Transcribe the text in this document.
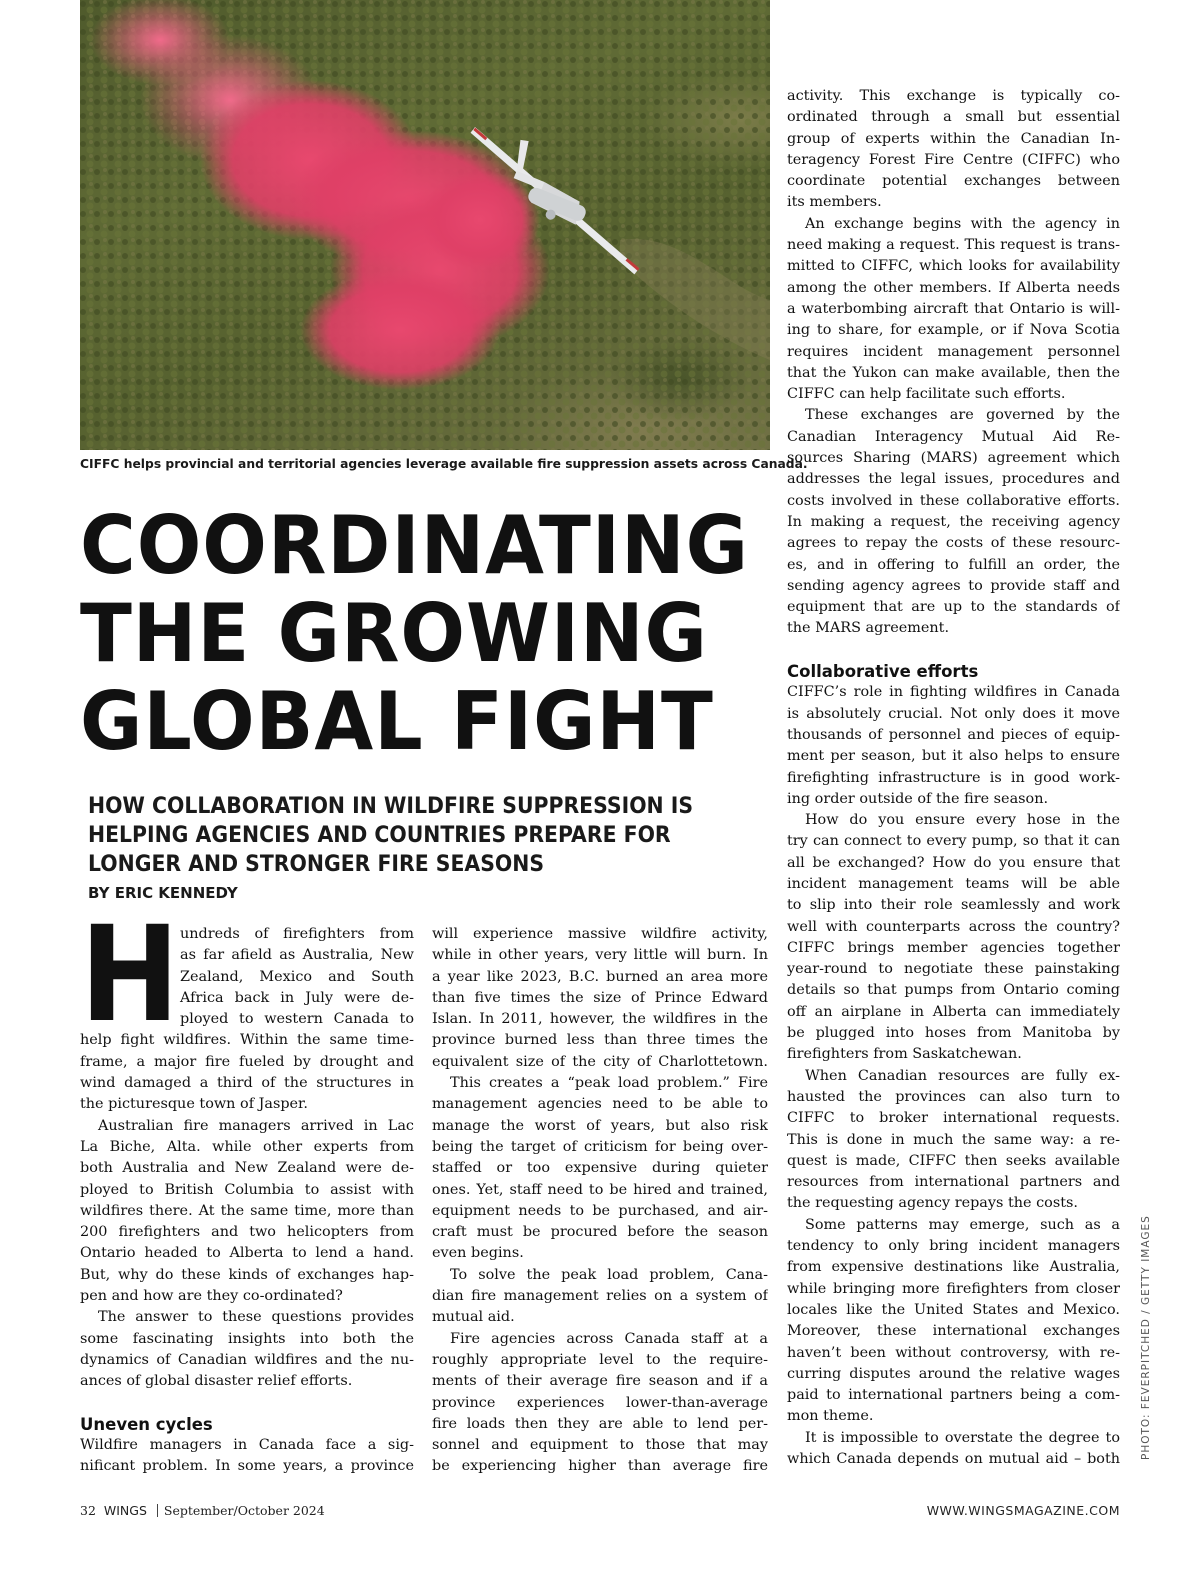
CIFFC helps provincial and territorial agencies leverage available fire suppression assets across Canada.
COORDINATING
THE GROWING
GLOBAL FIGHT
HOW COLLABORATION IN WILDFIRE SUPPRESSION IS
HELPING AGENCIES AND COUNTRIES PREPARE FOR
LONGER AND STRONGER FIRE SEASONS
BY ERIC KENNEDY
H undreds of firefighters from
as far afield as Australia, New
Zealand, Mexico and South
Africa back in July were de-
ployed to western Canada to
help fight wildfires. Within the same time-
frame, a major fire fueled by drought and
wind damaged a third of the structures in
the picturesque town of Jasper.
Australian fire managers arrived in Lac
La Biche, Alta. while other experts from
both Australia and New Zealand were de-
ployed to British Columbia to assist with
wildfires there. At the same time, more than
200 firefighters and two helicopters from
Ontario headed to Alberta to lend a hand.
But, why do these kinds of exchanges hap-
pen and how are they co-ordinated?
The answer to these questions provides
some fascinating insights into both the
dynamics of Canadian wildfires and the nu-
ances of global disaster relief efforts.
Uneven cycles
Wildfire managers in Canada face a sig-
nificant problem. In some years, a province
will experience massive wildfire activity,
while in other years, very little will burn. In
a year like 2023, B.C. burned an area more
than five times the size of Prince Edward
Islan. In 2011, however, the wildfires in the
province burned less than three times the
equivalent size of the city of Charlottetown.
This creates a “peak load problem.” Fire
management agencies need to be able to
manage the worst of years, but also risk
being the target of criticism for being over-
staffed or too expensive during quieter
ones. Yet, staff need to be hired and trained,
equipment needs to be purchased, and air-
craft must be procured before the season
even begins.
To solve the peak load problem, Cana-
dian fire management relies on a system of
mutual aid.
Fire agencies across Canada staff at a
roughly appropriate level to the require-
ments of their average fire season and if a
province experiences lower-than-average
fire loads then they are able to lend per-
sonnel and equipment to those that may
be experiencing higher than average fire
activity. This exchange is typically co-
ordinated through a small but essential
group of experts within the Canadian In-
teragency Forest Fire Centre (CIFFC) who
coordinate potential exchanges between
its members.
An exchange begins with the agency in
need making a request. This request is trans-
mitted to CIFFC, which looks for availability
among the other members. If Alberta needs
a waterbombing aircraft that Ontario is will-
ing to share, for example, or if Nova Scotia
requires incident management personnel
that the Yukon can make available, then the
CIFFC can help facilitate such efforts.
These exchanges are governed by the
Canadian Interagency Mutual Aid Re-
sources Sharing (MARS) agreement which
addresses the legal issues, procedures and
costs involved in these collaborative efforts.
In making a request, the receiving agency
agrees to repay the costs of these resourc-
es, and in offering to fulfill an order, the
sending agency agrees to provide staff and
equipment that are up to the standards of
the MARS agreement.
Collaborative efforts
CIFFC’s role in fighting wildfires in Canada
is absolutely crucial. Not only does it move
thousands of personnel and pieces of equip-
ment per season, but it also helps to ensure
firefighting infrastructure is in good work-
ing order outside of the fire season.
How do you ensure every hose in the
try can connect to every pump, so that it can
all be exchanged? How do you ensure that
incident management teams will be able
to slip into their role seamlessly and work
well with counterparts across the country?
CIFFC brings member agencies together
year-round to negotiate these painstaking
details so that pumps from Ontario coming
off an airplane in Alberta can immediately
be plugged into hoses from Manitoba by
firefighters from Saskatchewan.
When Canadian resources are fully ex-
hausted the provinces can also turn to
CIFFC to broker international requests.
This is done in much the same way: a re-
quest is made, CIFFC then seeks available
resources from international partners and
the requesting agency repays the costs.
Some patterns may emerge, such as a
tendency to only bring incident managers
from expensive destinations like Australia,
while bringing more firefighters from closer
locales like the United States and Mexico.
Moreover, these international exchanges
haven’t been without controversy, with re-
curring disputes around the relative wages
paid to international partners being a com-
mon theme.
It is impossible to overstate the degree to
which Canada depends on mutual aid – both PHOTO: FEVERPITCHED / GETTY IMAGES
32 WINGS September/October 2024	WWW.WINGSMAGAZINE.COM
